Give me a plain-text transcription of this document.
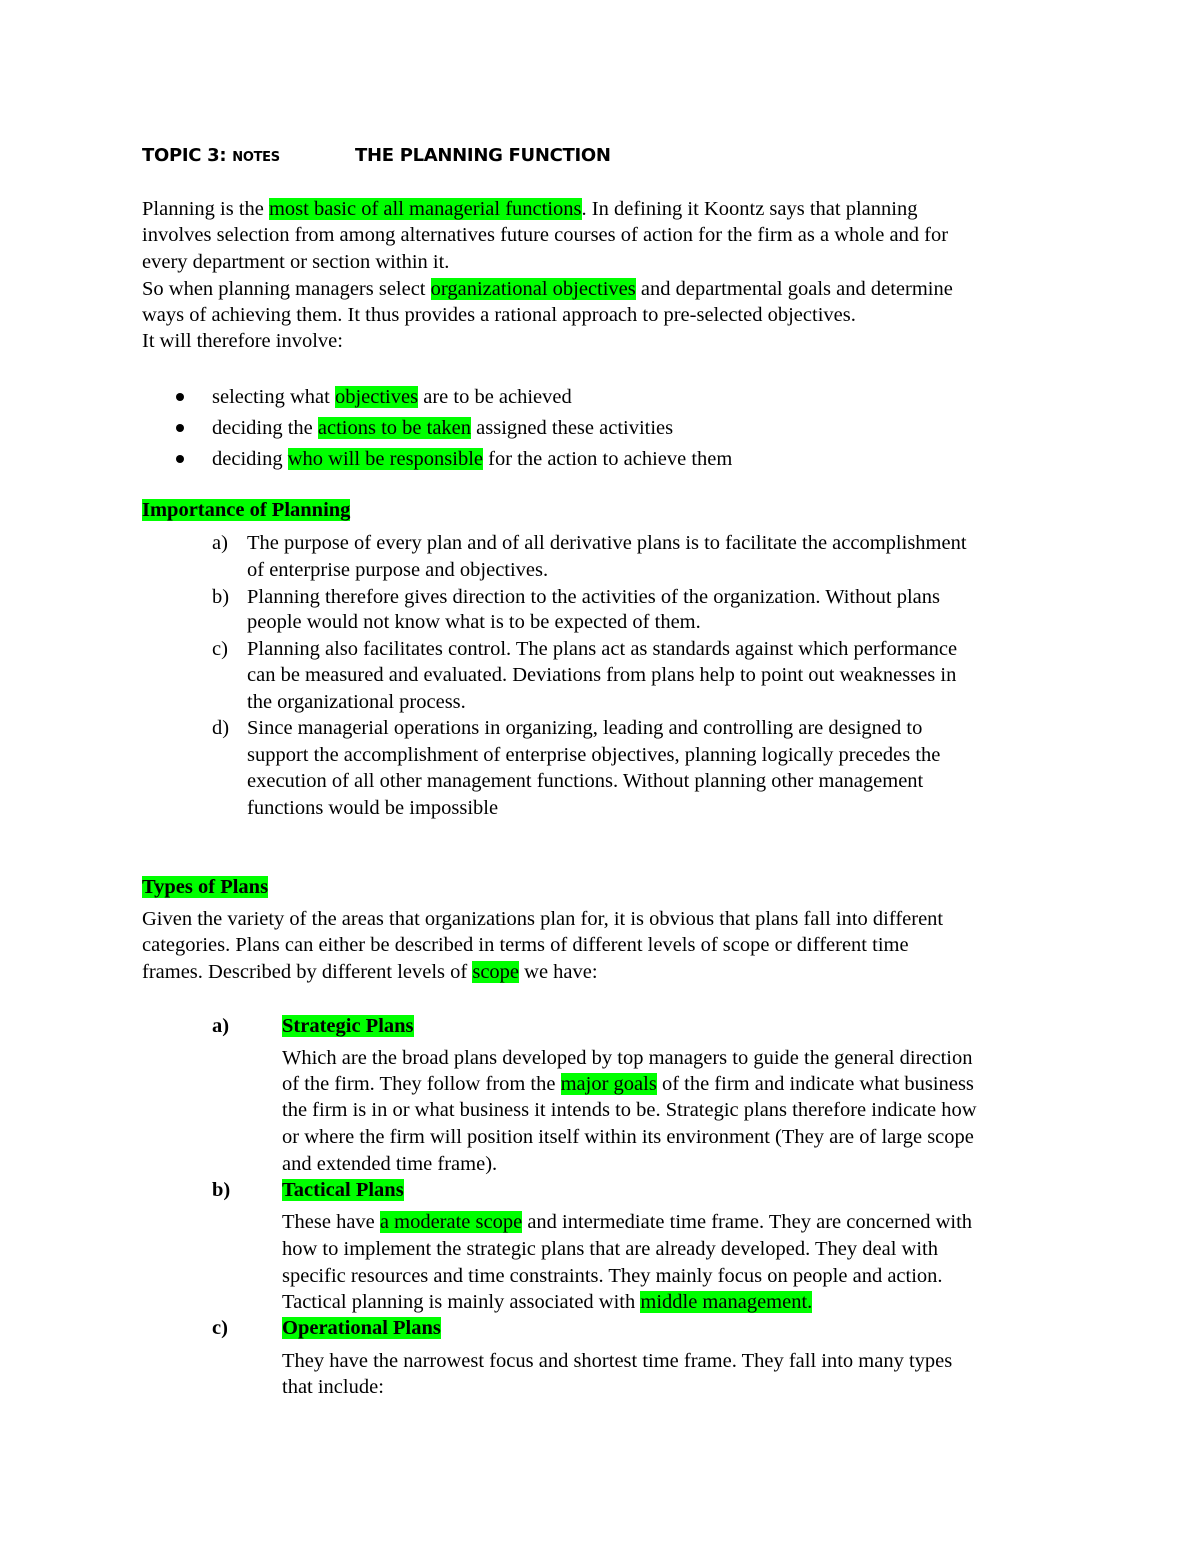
TOPIC 3: NOTES	THE PLANNING FUNCTION
Planning is the most basic of all managerial functions. In defining it Koontz says that planning
involves selection from among alternatives future courses of action for the firm as a whole and for
every department or section within it.
So when planning managers select organizational objectives and departmental goals and determine
ways of achieving them. It thus provides a rational approach to pre-selected objectives.
It will therefore involve:
selecting what objectives are to be achieved
deciding the actions to be taken assigned these activities
deciding who will be responsible for the action to achieve them
Importance of Planning
a) The purpose of every plan and of all derivative plans is to facilitate the accomplishment
of enterprise purpose and objectives.
b) Planning therefore gives direction to the activities of the organization. Without plans
people would not know what is to be expected of them.
c) Planning also facilitates control. The plans act as standards against which performance
can be measured and evaluated. Deviations from plans help to point out weaknesses in
the organizational process.
d) Since managerial operations in organizing, leading and controlling are designed to
support the accomplishment of enterprise objectives, planning logically precedes the
execution of all other management functions. Without planning other management
functions would be impossible
Types of Plans
Given the variety of the areas that organizations plan for, it is obvious that plans fall into different
categories. Plans can either be described in terms of different levels of scope or different time
frames. Described by different levels of scope we have:
a)	Strategic Plans
Which are the broad plans developed by top managers to guide the general direction
of the firm. They follow from the major goals of the firm and indicate what business
the firm is in or what business it intends to be. Strategic plans therefore indicate how
or where the firm will position itself within its environment (They are of large scope
and extended time frame).
b)	Tactical Plans
These have a moderate scope and intermediate time frame. They are concerned with
how to implement the strategic plans that are already developed. They deal with
specific resources and time constraints. They mainly focus on people and action.
Tactical planning is mainly associated with middle management.
c)	Operational Plans
They have the narrowest focus and shortest time frame. They fall into many types
that include:
